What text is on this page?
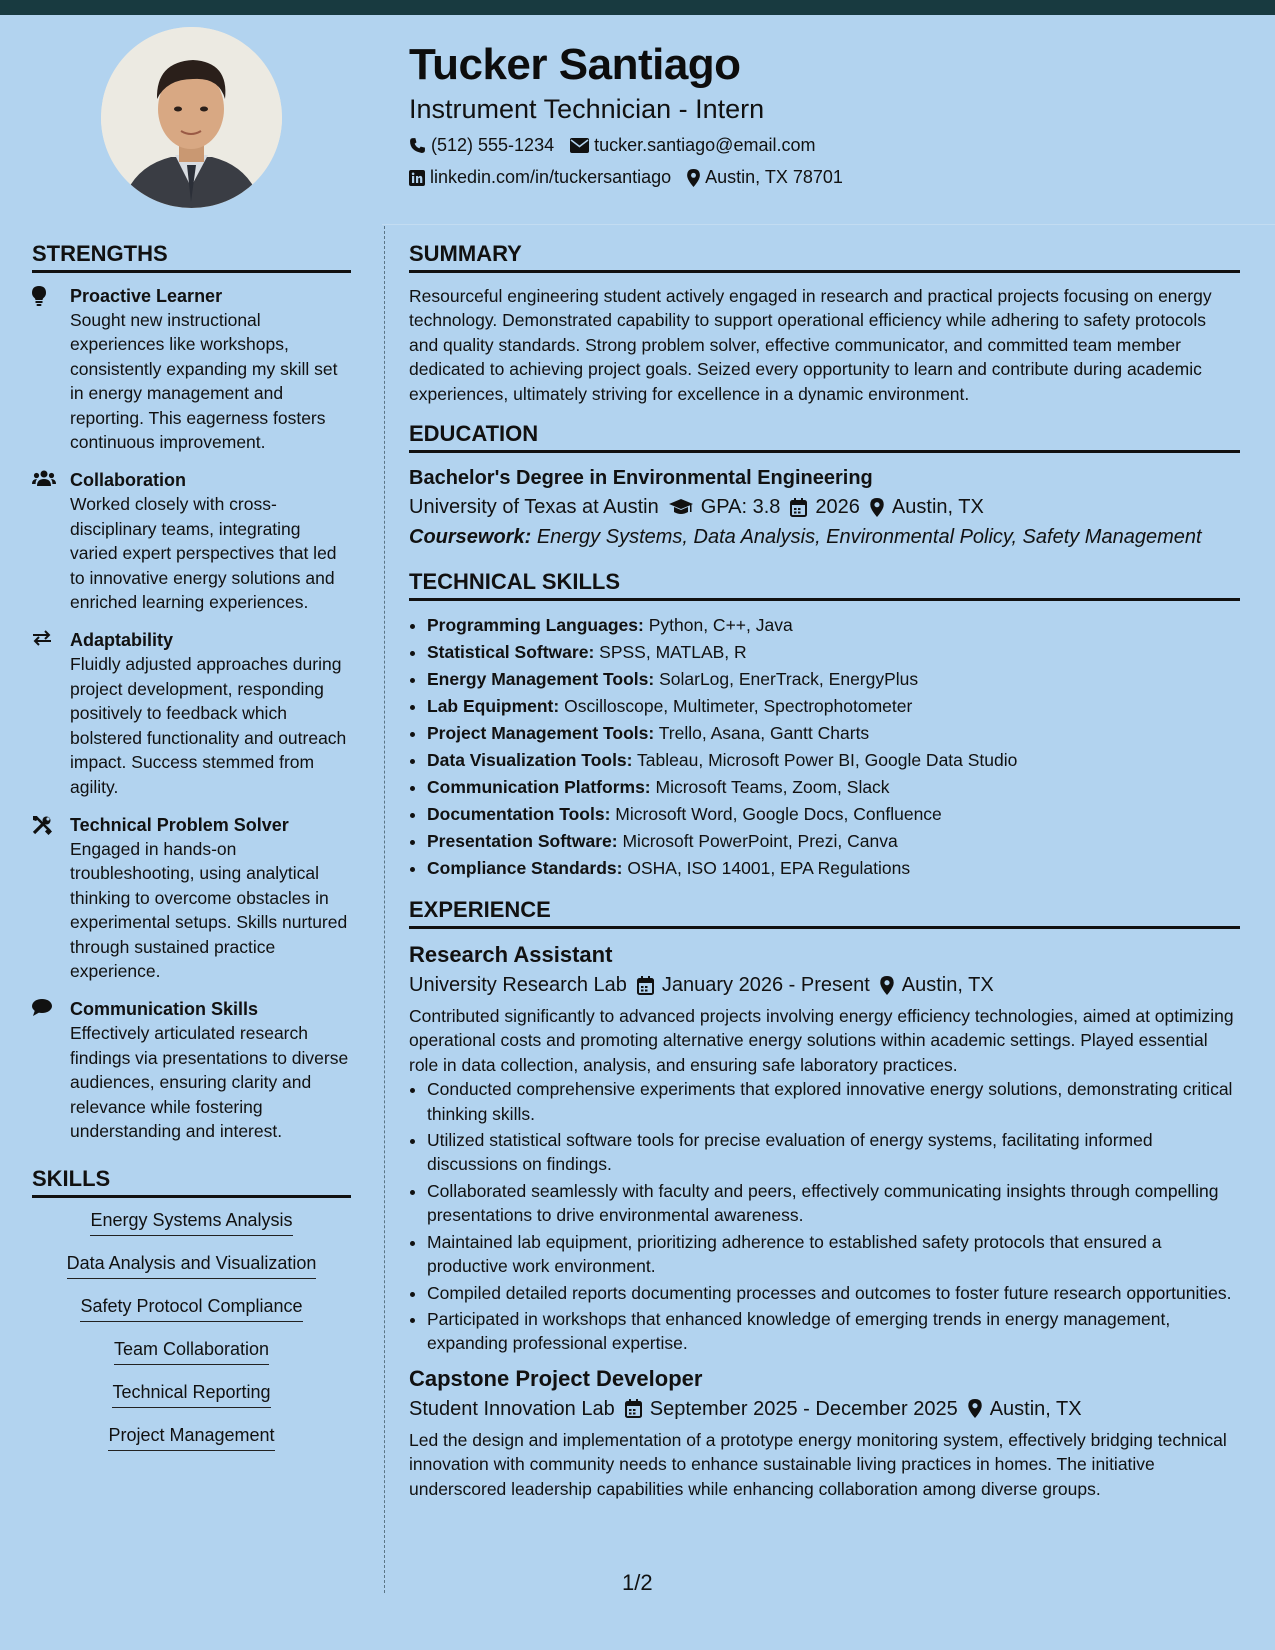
Tucker Santiago
Instrument Technician - Intern
(512) 555-1234 tucker.santiago@email.com
linkedin.com/in/tuckersantiago Austin, TX 78701
STRENGTHS
Proactive Learner
Sought new instructional experiences like workshops, consistently expanding my skill set in energy management and reporting. This eagerness fosters continuous improvement.
Collaboration
Worked closely with cross-disciplinary teams, integrating varied expert perspectives that led to innovative energy solutions and enriched learning experiences.
Adaptability
Fluidly adjusted approaches during project development, responding positively to feedback which bolstered functionality and outreach impact. Success stemmed from agility.
Technical Problem Solver
Engaged in hands-on troubleshooting, using analytical thinking to overcome obstacles in experimental setups. Skills nurtured through sustained practice experience.
Communication Skills
Effectively articulated research findings via presentations to diverse audiences, ensuring clarity and relevance while fostering understanding and interest.
SKILLS
Energy Systems Analysis
Data Analysis and Visualization
Safety Protocol Compliance
Team Collaboration
Technical Reporting
Project Management
SUMMARY
Resourceful engineering student actively engaged in research and practical projects focusing on energy technology. Demonstrated capability to support operational efficiency while adhering to safety protocols and quality standards. Strong problem solver, effective communicator, and committed team member dedicated to achieving project goals. Seized every opportunity to learn and contribute during academic experiences, ultimately striving for excellence in a dynamic environment.
EDUCATION
Bachelor's Degree in Environmental Engineering
University of Texas at Austin GPA: 3.8 2026 Austin, TX
Coursework: Energy Systems, Data Analysis, Environmental Policy, Safety Management
TECHNICAL SKILLS
• Programming Languages: Python, C++, Java
• Statistical Software: SPSS, MATLAB, R
• Energy Management Tools: SolarLog, EnerTrack, EnergyPlus
• Lab Equipment: Oscilloscope, Multimeter, Spectrophotometer
• Project Management Tools: Trello, Asana, Gantt Charts
• Data Visualization Tools: Tableau, Microsoft Power BI, Google Data Studio
• Communication Platforms: Microsoft Teams, Zoom, Slack
• Documentation Tools: Microsoft Word, Google Docs, Confluence
• Presentation Software: Microsoft PowerPoint, Prezi, Canva
• Compliance Standards: OSHA, ISO 14001, EPA Regulations
EXPERIENCE
Research Assistant
University Research Lab January 2026 - Present Austin, TX
Contributed significantly to advanced projects involving energy efficiency technologies, aimed at optimizing operational costs and promoting alternative energy solutions within academic settings. Played essential role in data collection, analysis, and ensuring safe laboratory practices.
• Conducted comprehensive experiments that explored innovative energy solutions, demonstrating critical thinking skills.
• Utilized statistical software tools for precise evaluation of energy systems, facilitating informed discussions on findings.
• Collaborated seamlessly with faculty and peers, effectively communicating insights through compelling presentations to drive environmental awareness.
• Maintained lab equipment, prioritizing adherence to established safety protocols that ensured a productive work environment.
• Compiled detailed reports documenting processes and outcomes to foster future research opportunities.
• Participated in workshops that enhanced knowledge of emerging trends in energy management, expanding professional expertise.
Capstone Project Developer
Student Innovation Lab September 2025 - December 2025 Austin, TX
Led the design and implementation of a prototype energy monitoring system, effectively bridging technical innovation with community needs to enhance sustainable living practices in homes. The initiative underscored leadership capabilities while enhancing collaboration among diverse groups.
1/2
